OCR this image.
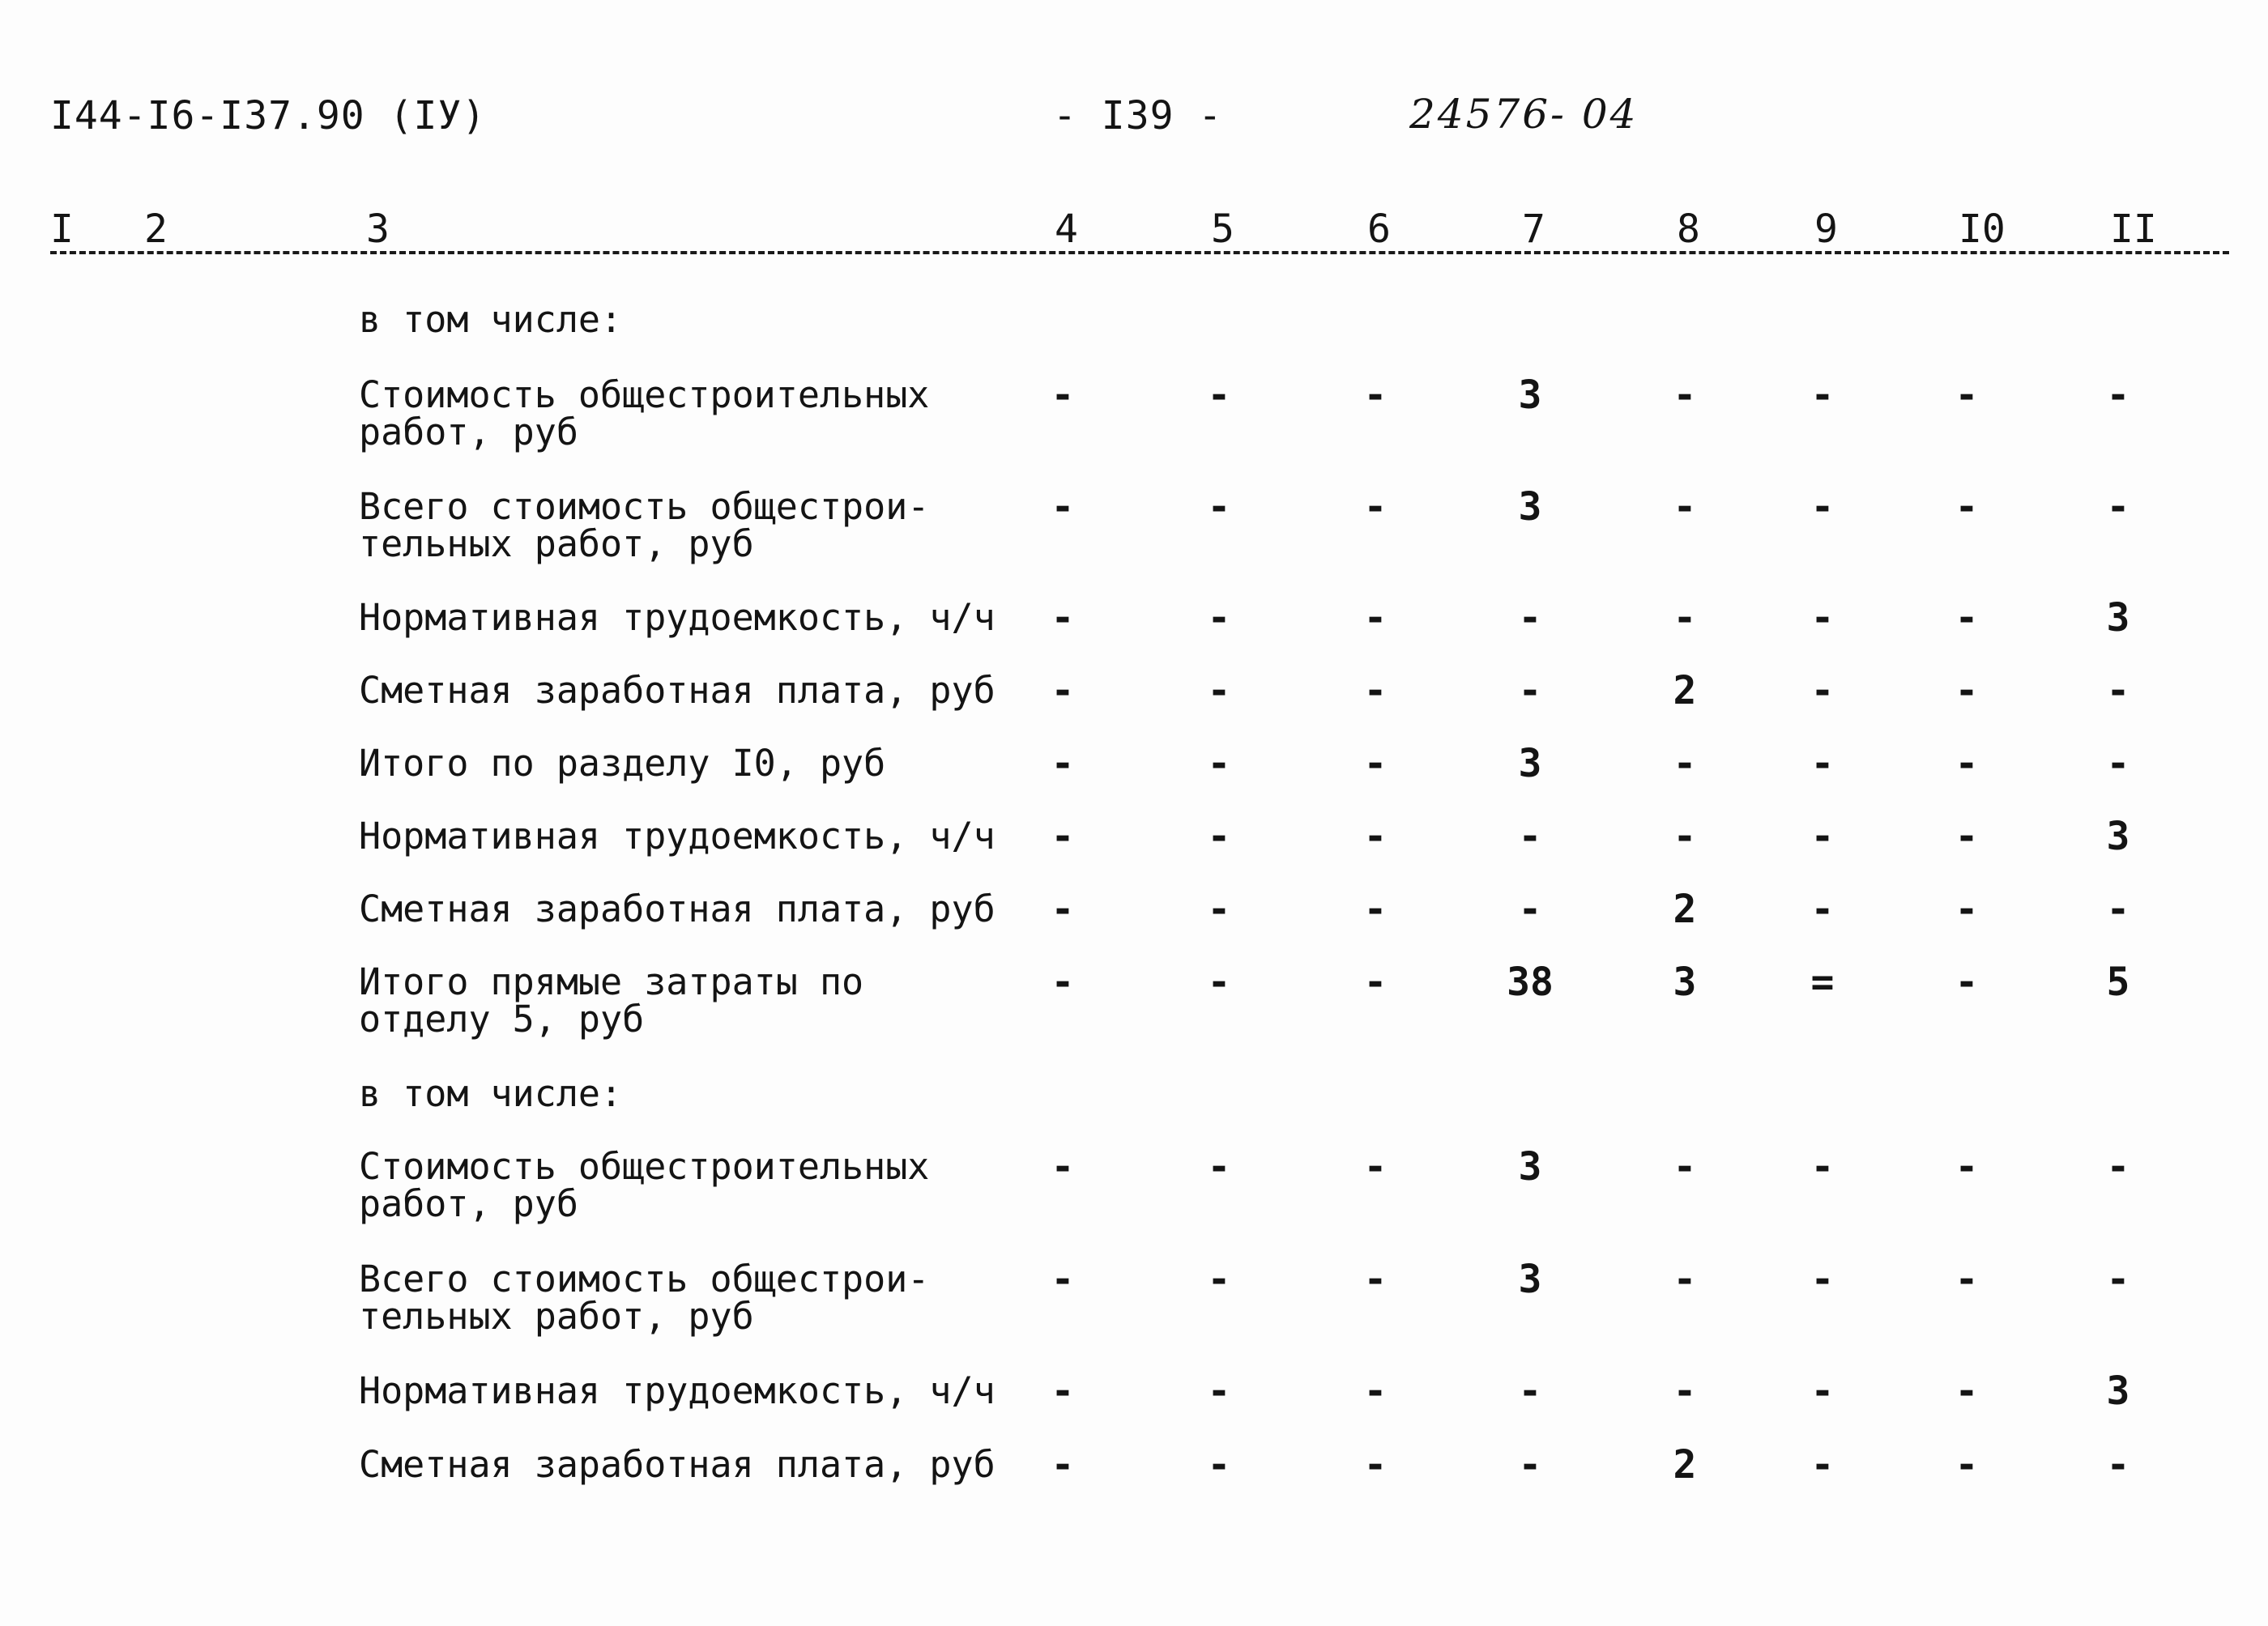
I44-I6-I37.90 (IУ)	- I39 -	24576- 04
I 2	3	4	5	6	7	8	9	I0	II
в том числе:
Стоимость общестроительных
работ, руб
-	-	-	3	-	-	-	-
Всего стоимость общестрои-
тельных работ, руб
-	-	-	3	-	-	-	-
Нормативная трудоемкость, ч/ч	-	-	-	-	-	-	-	3
Сметная заработная плата, руб	-	-	-	-	2	-	-	-
Итого по разделу I0, руб	-	-	-	3	-	-	-	-
Нормативная трудоемкость, ч/ч	-	-	-	-	-	-	-	3
Сметная заработная плата, руб	-	-	-	-	2	-	-	-
Итого прямые затраты по
отделу 5, руб
-	-	-	38	3	=	-	5
в том числе:
Стоимость общестроительных
работ, руб
-	-	-	3	-	-	-	-
Всего стоимость общестрои-
тельных работ, руб
-	-	-	3	-	-	-	-
Нормативная трудоемкость, ч/ч	-	-	-	-	-	-	-	3
Сметная заработная плата, руб	-	-	-	-	2	-	-	-
